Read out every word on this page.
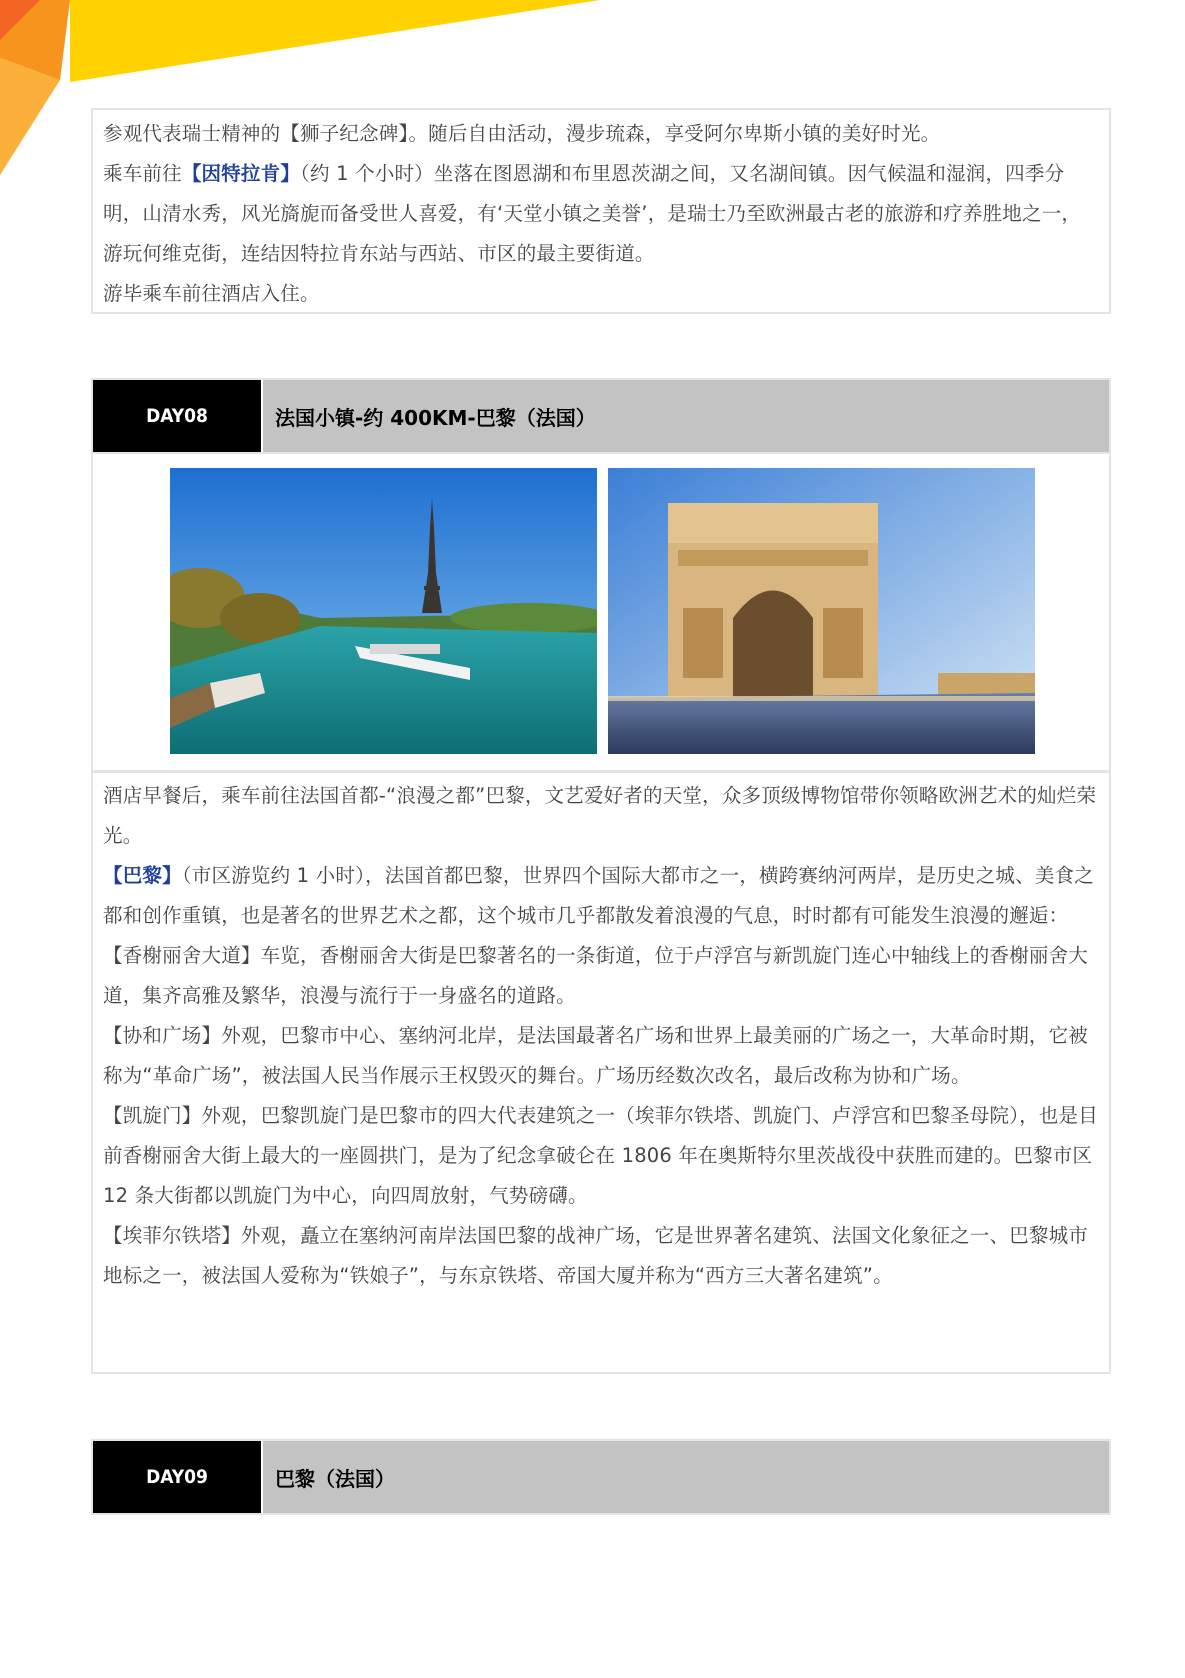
参观代表瑞士精神的【狮子纪念碑】。随后自由活动，漫步琉森，享受阿尔卑斯小镇的美好时光。

乘车前往【因特拉肯】（约 1 个小时）坐落在图恩湖和布里恩茨湖之间，又名湖间镇。因气候温和湿润，四季分明，山清水秀，风光旖旎而备受世人喜爱，有‘天堂小镇之美誉’，是瑞士乃至欧洲最古老的旅游和疗养胜地之一，游玩何维克街，连结因特拉肯东站与西站、市区的最主要街道。

游毕乘车前往酒店入住。

DAY08	法国小镇-约 400KM-巴黎（法国）

酒店早餐后，乘车前往法国首都-“浪漫之都”巴黎，文艺爱好者的天堂，众多顶级博物馆带你领略欧洲艺术的灿烂荣光。

【巴黎】（市区游览约 1 小时），法国首都巴黎，世界四个国际大都市之一，横跨赛纳河两岸，是历史之城、美食之都和创作重镇，也是著名的世界艺术之都，这个城市几乎都散发着浪漫的气息，时时都有可能发生浪漫的邂逅：

【香榭丽舍大道】车览，香榭丽舍大街是巴黎著名的一条街道，位于卢浮宫与新凯旋门连心中轴线上的香榭丽舍大道，集齐高雅及繁华，浪漫与流行于一身盛名的道路。

【协和广场】外观，巴黎市中心、塞纳河北岸，是法国最著名广场和世界上最美丽的广场之一，大革命时期，它被称为“革命广场”，被法国人民当作展示王权毁灭的舞台。广场历经数次改名，最后改称为协和广场。

【凯旋门】外观，巴黎凯旋门是巴黎市的四大代表建筑之一（埃菲尔铁塔、凯旋门、卢浮宫和巴黎圣母院），也是目前香榭丽舍大街上最大的一座圆拱门，是为了纪念拿破仑在 1806 年在奥斯特尔里茨战役中获胜而建的。巴黎市区 12 条大街都以凯旋门为中心，向四周放射，气势磅礴。

【埃菲尔铁塔】外观，矗立在塞纳河南岸法国巴黎的战神广场，它是世界著名建筑、法国文化象征之一、巴黎城市地标之一，被法国人爱称为“铁娘子”，与东京铁塔、帝国大厦并称为“西方三大著名建筑”。

DAY09	巴黎（法国）
